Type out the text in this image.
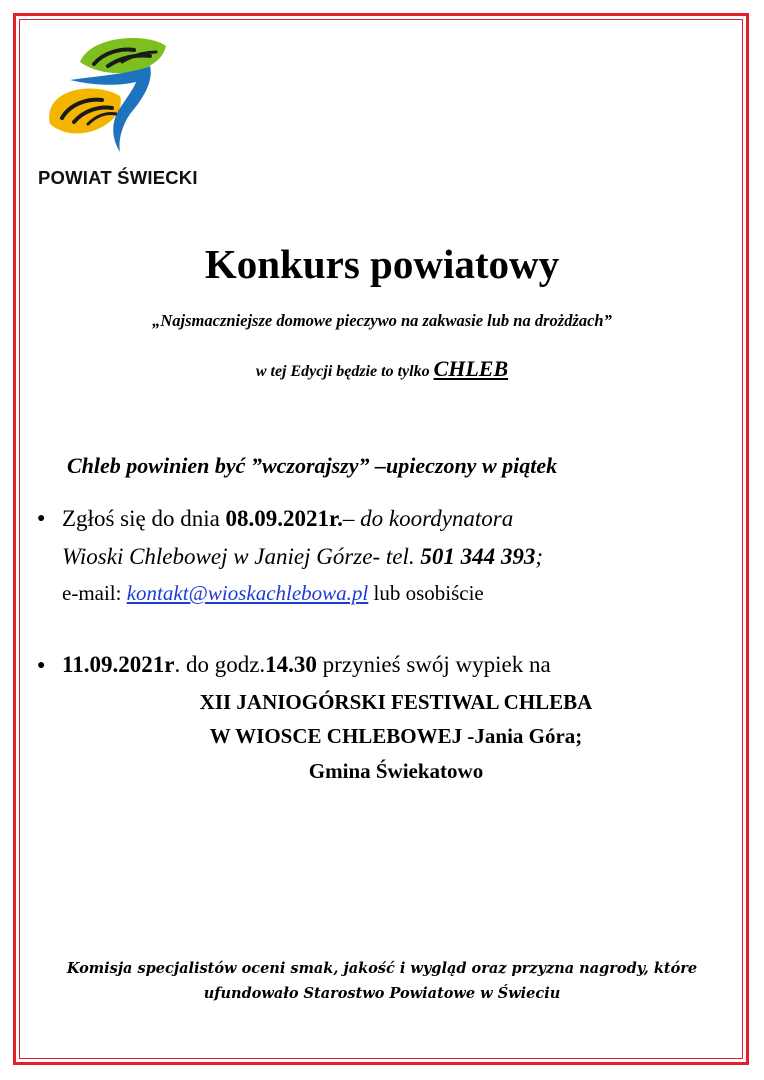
POWIAT ŚWIECKI
Konkurs powiatowy
„Najsmaczniejsze domowe pieczywo na zakwasie lub na drożdżach”
w tej Edycji będzie to tylko CHLEB
Chleb powinien być ”wczorajszy” –upieczony w piątek
● Zgłoś się do dnia 08.09.2021r.– do koordynatora
Wioski Chlebowej w Janiej Górze- tel. 501 344 393;
e-mail: kontakt@wioskachlebowa.pl lub osobiście
● 11.09.2021r. do godz.14.30 przynieś swój wypiek na
XII JANIOGÓRSKI FESTIWAL CHLEBA
W WIOSCE CHLEBOWEJ -Jania Góra;
Gmina Świekatowo
Komisja specjalistów oceni smak, jakość i wygląd oraz przyzna nagrody, które
ufundowało Starostwo Powiatowe w Świeciu
